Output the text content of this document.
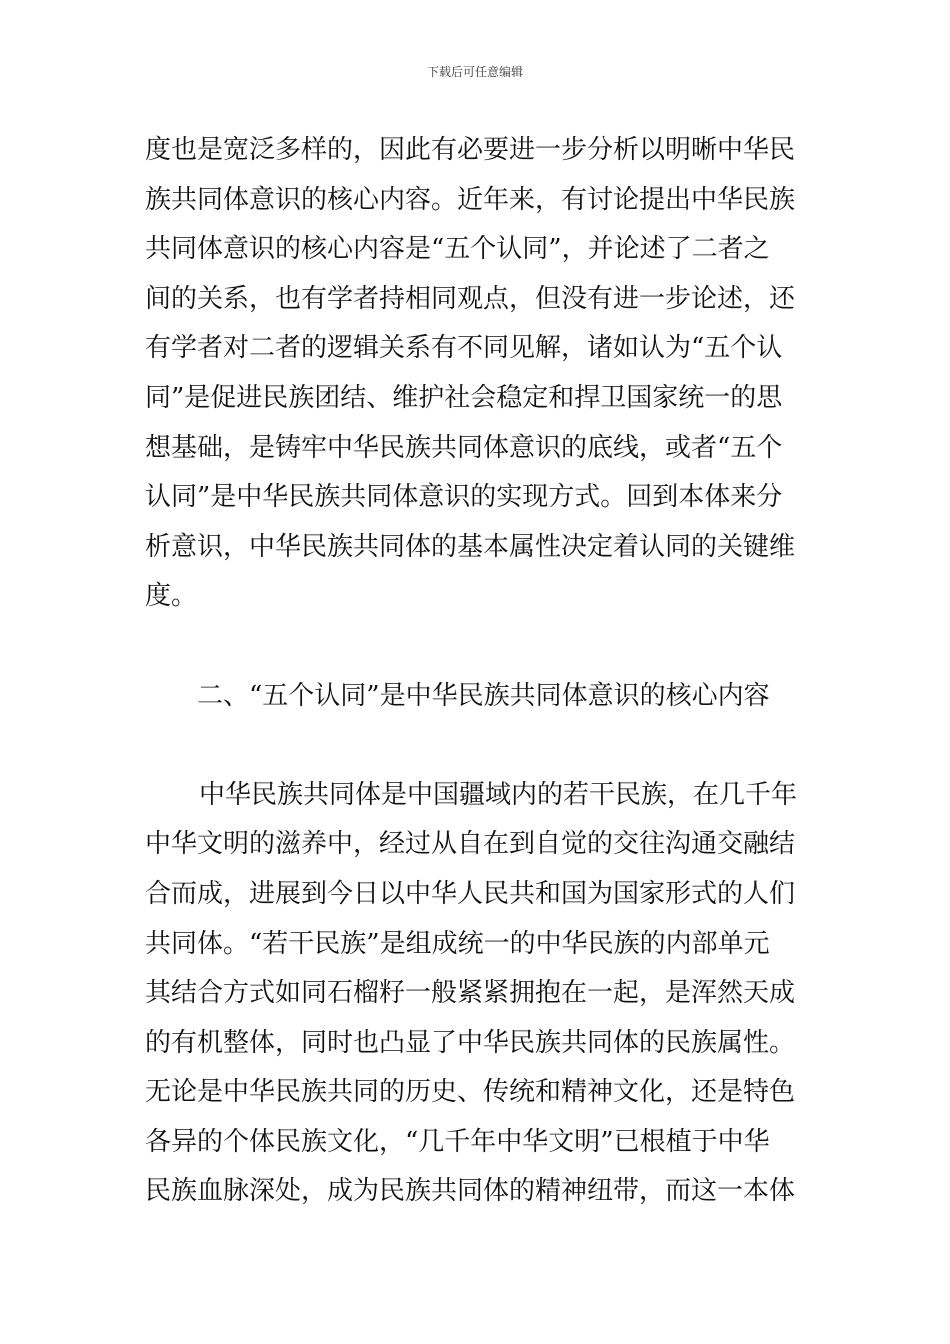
下载后可任意编辑
度也是宽泛多样的，因此有必要进一步分析以明晰中华民
族共同体意识的核心内容。近年来，有讨论提出中华民族
共同体意识的核心内容是“五个认同”，并论述了二者之
间的关系，也有学者持相同观点，但没有进一步论述，还
有学者对二者的逻辑关系有不同见解，诸如认为“五个认
同”是促进民族团结、维护社会稳定和捍卫国家统一的思
想基础，是铸牢中华民族共同体意识的底线，或者“五个
认同”是中华民族共同体意识的实现方式。回到本体来分
析意识，中华民族共同体的基本属性决定着认同的关键维
度。
二、“五个认同”是中华民族共同体意识的核心内容
中华民族共同体是中国疆域内的若干民族，在几千年
中华文明的滋养中，经过从自在到自觉的交往沟通交融结
合而成，进展到今日以中华人民共和国为国家形式的人们
共同体。“若干民族”是组成统一的中华民族的内部单元
其结合方式如同石榴籽一般紧紧拥抱在一起，是浑然天成
的有机整体，同时也凸显了中华民族共同体的民族属性。
无论是中华民族共同的历史、传统和精神文化，还是特色
各异的个体民族文化，“几千年中华文明”已根植于中华
民族血脉深处，成为民族共同体的精神纽带，而这一本体
